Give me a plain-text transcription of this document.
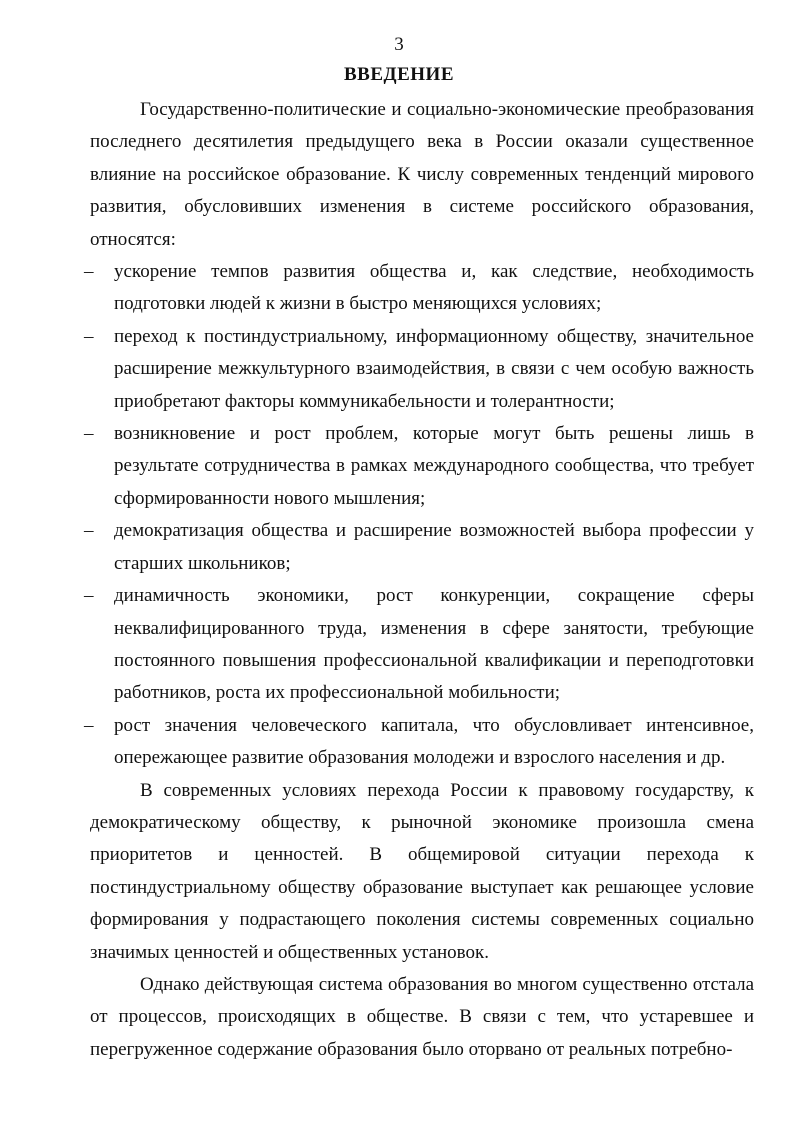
3
ВВЕДЕНИЕ

Государственно-политические и социально-экономические преобразования последнего десятилетия предыдущего века в России оказали существенное влияние на российское образование. К числу современных тенденций мирового развития, обусловивших изменения в системе российского образования, относятся:

– ускорение темпов развития общества и, как следствие, необходимость подготовки людей к жизни в быстро меняющихся условиях;
– переход к постиндустриальному, информационному обществу, значительное расширение межкультурного взаимодействия, в связи с чем особую важность приобретают факторы коммуникабельности и толерантности;
– возникновение и рост проблем, которые могут быть решены лишь в результате сотрудничества в рамках международного сообщества, что требует сформированности нового мышления;
– демократизация общества и расширение возможностей выбора профессии у старших школьников;
– динамичность экономики, рост конкуренции, сокращение сферы неквалифицированного труда, изменения в сфере занятости, требующие постоянного повышения профессиональной квалификации и переподготовки работников, роста их профессиональной мобильности;
– рост значения человеческого капитала, что обусловливает интенсивное, опережающее развитие образования молодежи и взрослого населения и др.

В современных условиях перехода России к правовому государству, к демократическому обществу, к рыночной экономике произошла смена приоритетов и ценностей. В общемировой ситуации перехода к постиндустриальному обществу образование выступает как решающее условие формирования у подрастающего поколения системы современных социально значимых ценностей и общественных установок.

Однако действующая система образования во многом существенно отстала от процессов, происходящих в обществе. В связи с тем, что устаревшее и перегруженное содержание образования было оторвано от реальных потребно-
